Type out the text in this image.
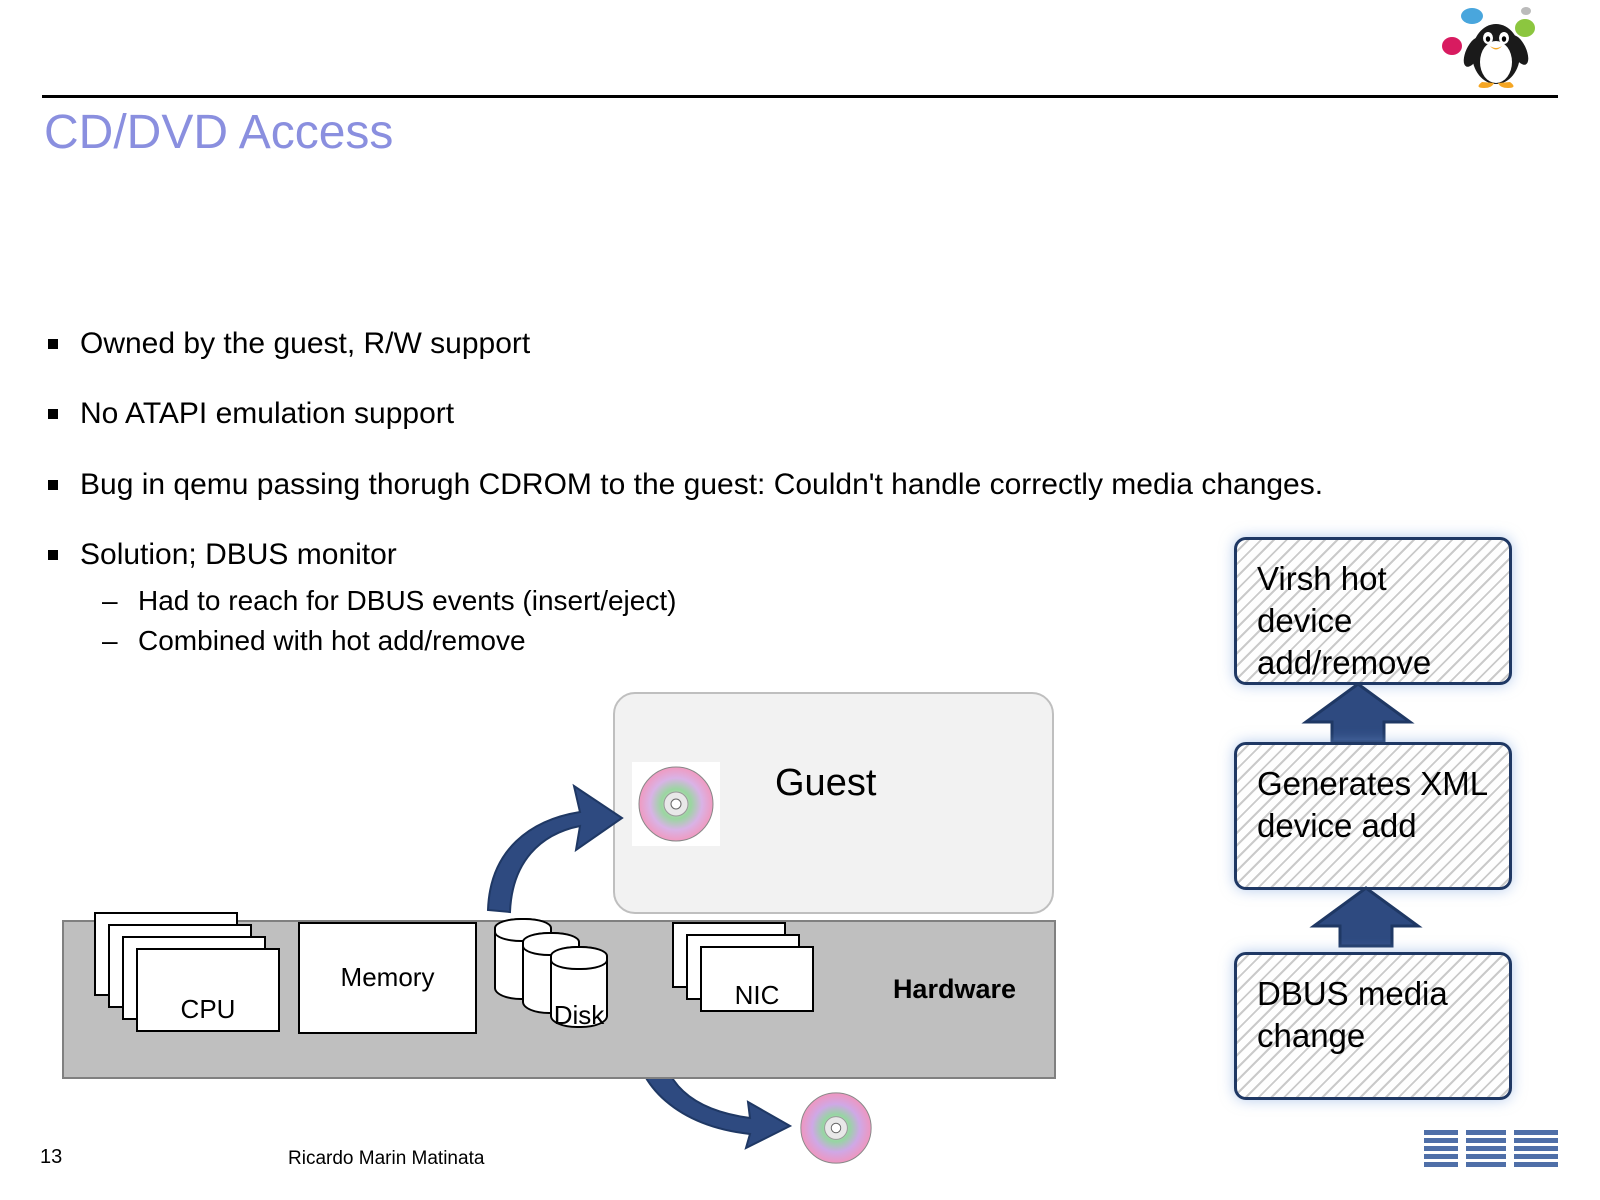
CD/DVD Access
Owned by the guest, R/W support
No ATAPI emulation support
Bug in qemu passing thorugh CDROM to the guest: Couldn't handle correctly media changes.
Solution; DBUS monitor
– Had to reach for DBUS events (insert/eject)
– Combined with hot add/remove
Guest
Hardware
CPU
Memory
Disk
NIC
Virsh hot device add/remove
Generates XML device add
DBUS media change
13	Ricardo Marin Matinata
